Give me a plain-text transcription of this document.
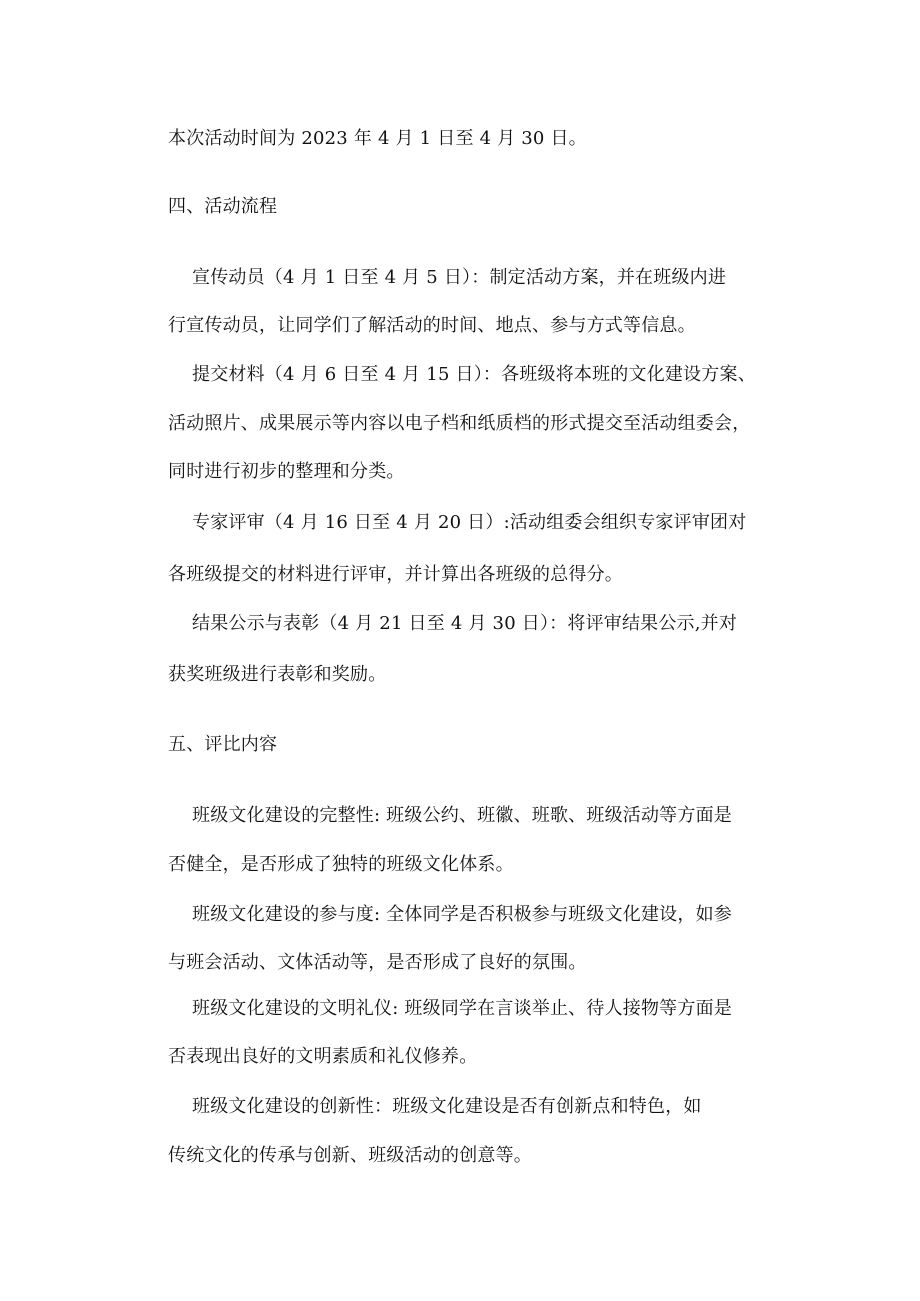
本次活动时间为 2023 年 4 月 1 日至 4 月 30 日。
四、活动流程
宣传动员（4 月 1 日至 4 月 5 日）：制定活动方案，并在班级内进
行宣传动员，让同学们了解活动的时间、地点、参与方式等信息。
提交材料（4 月 6 日至 4 月 15 日）：各班级将本班的文化建设方案、
活动照片、成果展示等内容以电子档和纸质档的形式提交至活动组委会，
同时进行初步的整理和分类。
专家评审（4 月 16 日至 4 月 20 日）:活动组委会组织专家评审团对
各班级提交的材料进行评审，并计算出各班级的总得分。
结果公示与表彰（4 月 21 日至 4 月 30 日）：将评审结果公示,并对
获奖班级进行表彰和奖励。
五、评比内容
班级文化建设的完整性: 班级公约、班徽、班歌、班级活动等方面是
否健全，是否形成了独特的班级文化体系。
班级文化建设的参与度: 全体同学是否积极参与班级文化建设，如参
与班会活动、文体活动等，是否形成了良好的氛围。
班级文化建设的文明礼仪: 班级同学在言谈举止、待人接物等方面是
否表现出良好的文明素质和礼仪修养。
班级文化建设的创新性：班级文化建设是否有创新点和特色，如
传统文化的传承与创新、班级活动的创意等。
